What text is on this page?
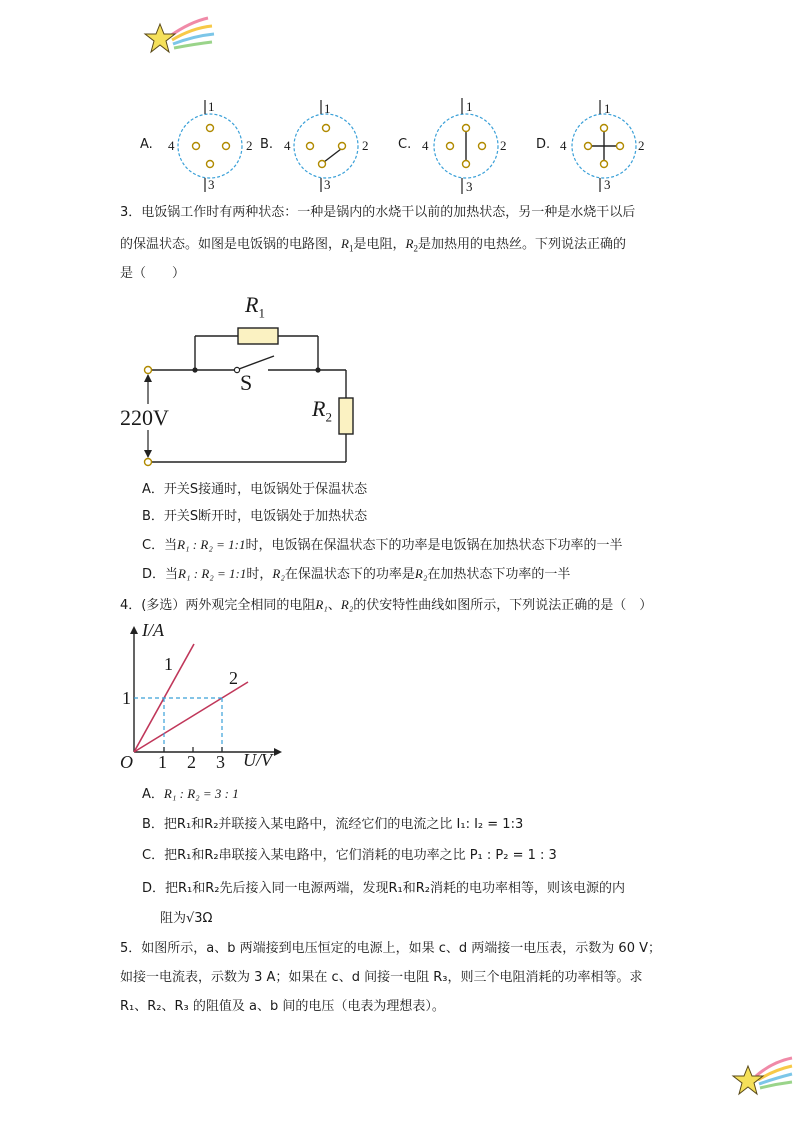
A.
1
2
3
4	B.
1
2
3
4	C.
1
2
3
4	D.
1
2
3
4
3．电饭锅工作时有两种状态：一种是锅内的水烧干以前的加热状态，另一种是水烧干以后
的保温状态。如图是电饭锅的电路图，$R_1$是电阻，$R_2$是加热用的电热丝。下列说法正确的
是（　　）
$R_1$
S
$R_2$
220V
A．开关S接通时，电饭锅处于保温状态
B．开关S断开时，电饭锅处于加热状态
C．当R₁ : R₂ = 1:1时，电饭锅在保温状态下的功率是电饭锅在加热状态下功率的一半
D．当R₁ : R₂ = 1:1时，R₂在保温状态下的功率是R₂在加热状态下功率的一半
4．(多选）两外观完全相同的电阻R₁、R₂的伏安特性曲线如图所示，下列说法正确的是（　）
I/A
U/V
O
1
2
1
1 2 3
A．R₁ : R₂ = 3 : 1
B．把R₁和R₂并联接入某电路中，流经它们的电流之比 I₁: I₂ = 1:3
C．把R₁和R₂串联接入某电路中，它们消耗的电功率之比 P₁ : P₂ = 1 : 3
D．把R₁和R₂先后接入同一电源两端，发现R₁和R₂消耗的电功率相等，则该电源的内
阻为√3Ω
5．如图所示，a、b 两端接到电压恒定的电源上，如果 c、d 两端接一电压表，示数为 60 V；
如接一电流表，示数为 3 A；如果在 c、d 间接一电阻 R₃，则三个电阻消耗的功率相等。求
R₁、R₂、R₃ 的阻值及 a、b 间的电压（电表为理想表）。
